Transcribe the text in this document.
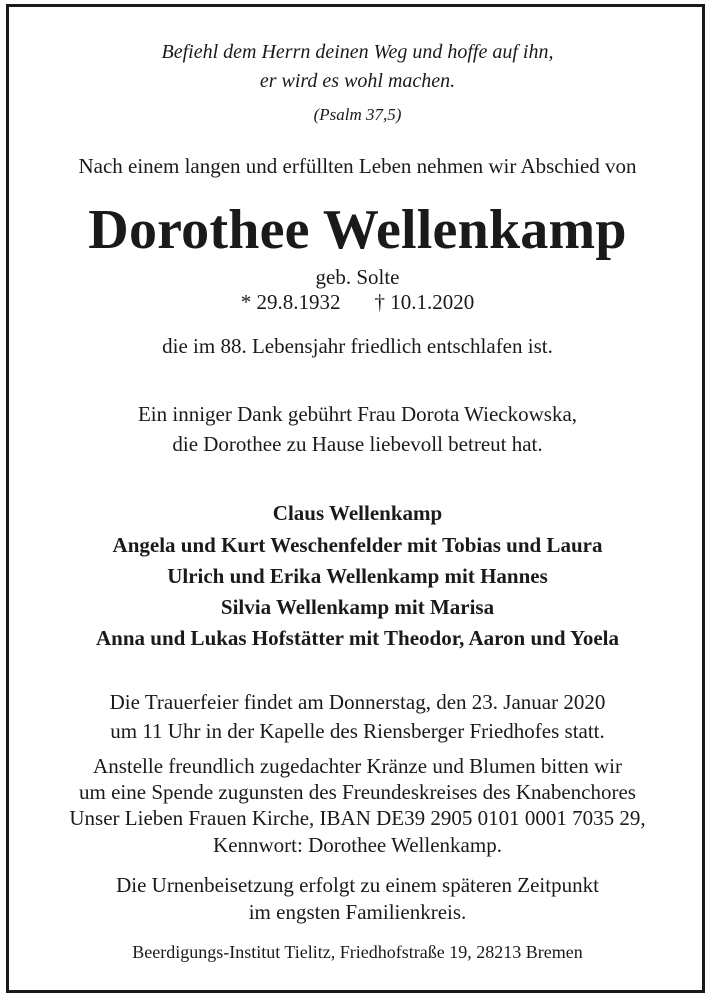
Befiehl dem Herrn deinen Weg und hoffe auf ihn,
er wird es wohl machen.
(Psalm 37,5)
Nach einem langen und erfüllten Leben nehmen wir Abschied von
Dorothee Wellenkamp
geb. Solte
* 29.8.1932 † 10.1.2020
die im 88. Lebensjahr friedlich entschlafen ist.
Ein inniger Dank gebührt Frau Dorota Wieckowska,
die Dorothee zu Hause liebevoll betreut hat.
Claus Wellenkamp
Angela und Kurt Weschenfelder mit Tobias und Laura
Ulrich und Erika Wellenkamp mit Hannes
Silvia Wellenkamp mit Marisa
Anna und Lukas Hofstätter mit Theodor, Aaron und Yoela
Die Trauerfeier findet am Donnerstag, den 23. Januar 2020
um 11 Uhr in der Kapelle des Riensberger Friedhofes statt.
Anstelle freundlich zugedachter Kränze und Blumen bitten wir
um eine Spende zugunsten des Freundeskreises des Knabenchores
Unser Lieben Frauen Kirche, IBAN DE39 2905 0101 0001 7035 29,
Kennwort: Dorothee Wellenkamp.
Die Urnenbeisetzung erfolgt zu einem späteren Zeitpunkt
im engsten Familienkreis.
Beerdigungs-Institut Tielitz, Friedhofstraße 19, 28213 Bremen
